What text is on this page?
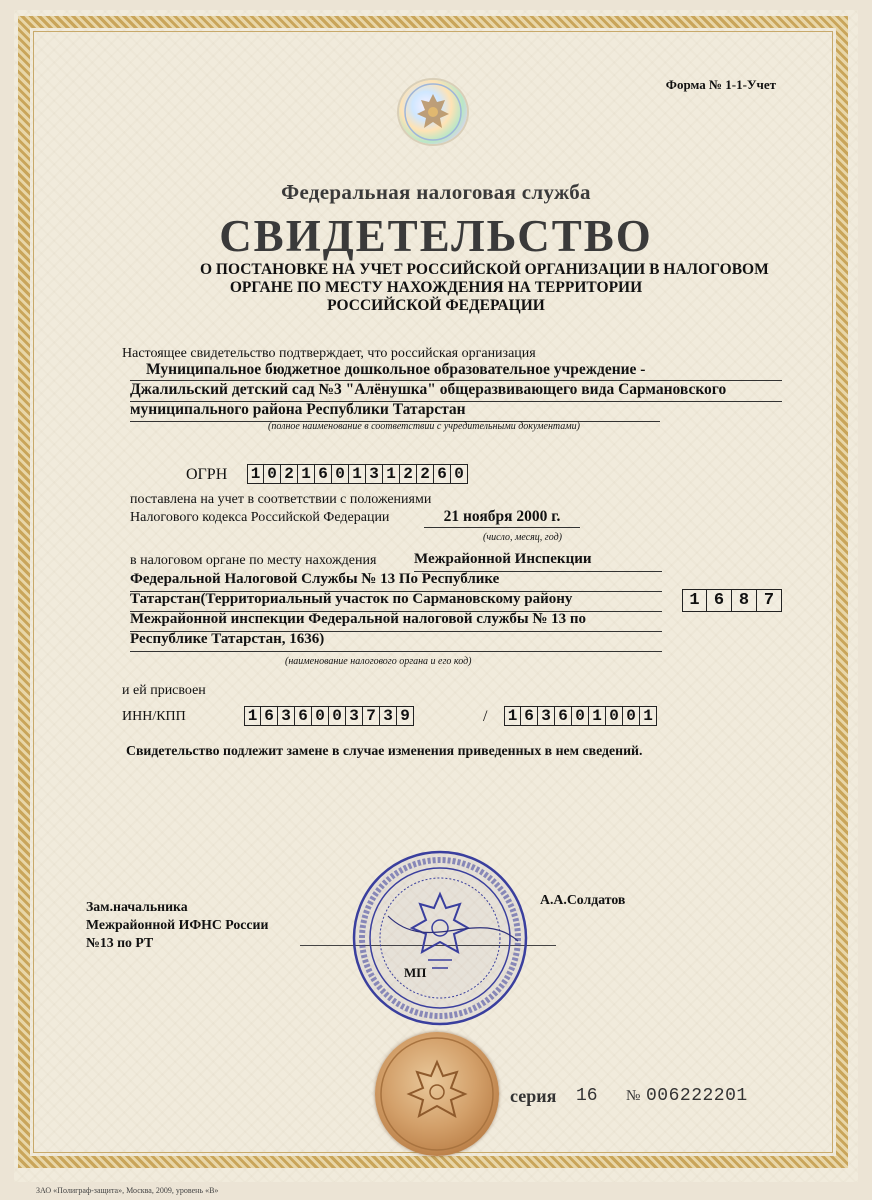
Форма № 1-1-Учет
Федеральная налоговая служба
СВИДЕТЕЛЬСТВО
О ПОСТАНОВКЕ НА УЧЕТ РОССИЙСКОЙ ОРГАНИЗАЦИИ В НАЛОГОВОМ
ОРГАНЕ ПО МЕСТУ НАХОЖДЕНИЯ НА ТЕРРИТОРИИ
РОССИЙСКОЙ ФЕДЕРАЦИИ
Настоящее свидетельство подтверждает, что российская организация
Муниципальное бюджетное дошкольное образовательное учреждение -
Джалильский детский сад №3 "Алёнушка" общеразвивающего вида Сармановского
муниципального района Республики Татарстан
(полное наименование в соответствии с учредительными документами)
ОГРН 1 0 2 1 6 0 1 3 1 2 2 6 0
поставлена на учет в соответствии с положениями
Налогового кодекса Российской Федерации	21 ноября 2000 г.
(число, месяц, год)
в налоговом органе по месту нахождения	Межрайонной Инспекции
Федеральной Налоговой Службы № 13 По Республике
Татарстан(Территориальный участок по Сармановскому району
Межрайонной инспекции Федеральной налоговой службы № 13 по
Республике Татарстан, 1636)
1 6 8 7
(наименование налогового органа и его код)
и ей присвоен
ИНН/КПП	1 6 3 6 0 0 3 7 3 9	/ 1 6 3 6 0 1 0 0 1
Свидетельство подлежит замене в случае изменения приведенных в нем сведений.
Зам.начальника
Межрайонной ИФНС России
№13 по РТ
А.А.Солдатов
МП
серия 16 № 006222201
ЗАО «Полиграф-защита», Москва, 2009, уровень «В»
